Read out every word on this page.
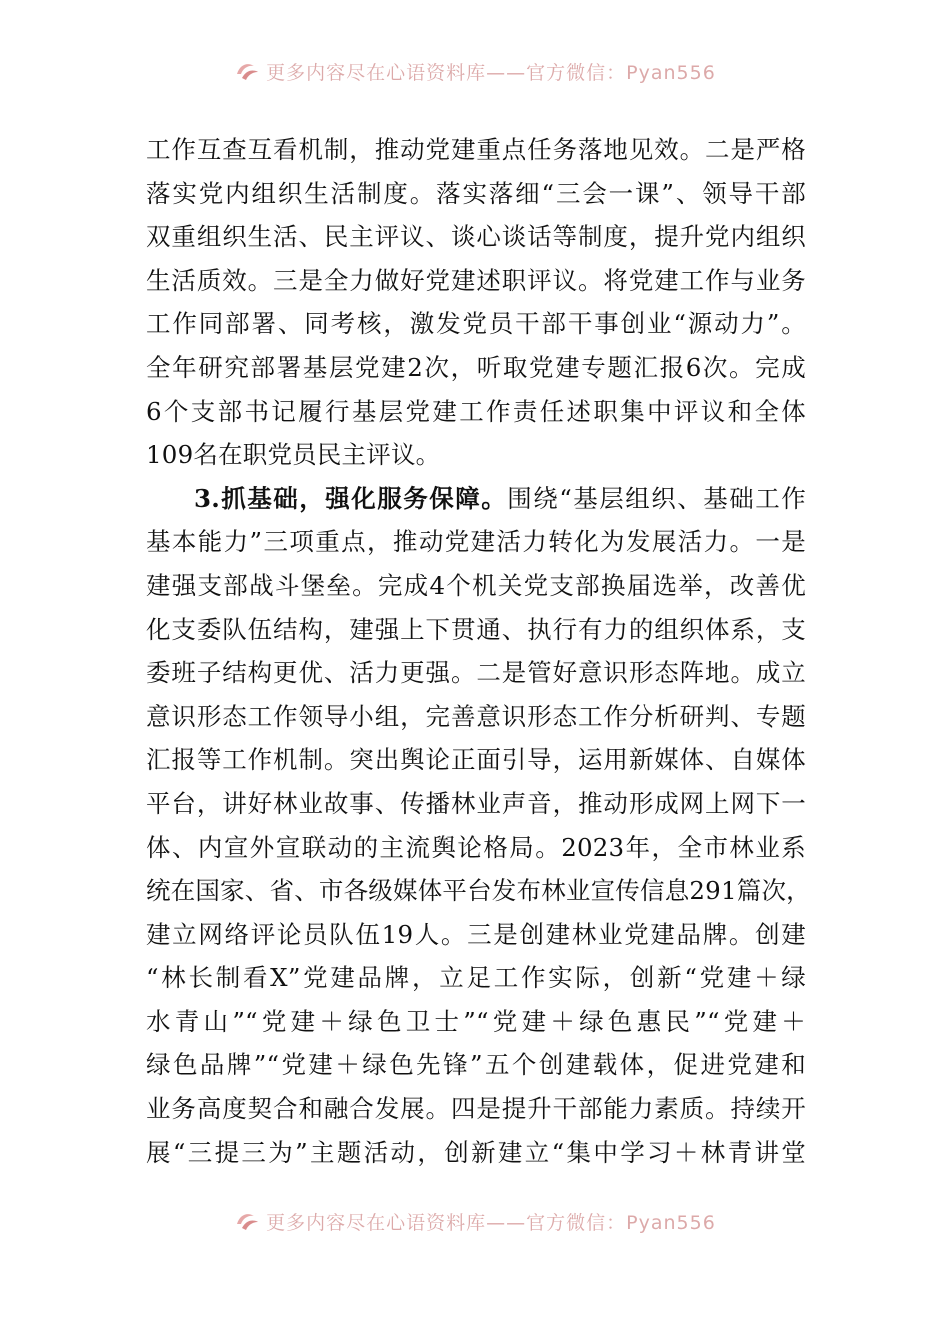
更多内容尽在心语资料库——官方微信：Pyan556
工作互查互看机制，推动党建重点任务落地见效。二是严格
落实党内组织生活制度。落实落细“三会一课”、领导干部
双重组织生活、民主评议、谈心谈话等制度，提升党内组织
生活质效。三是全力做好党建述职评议。将党建工作与业务
工作同部署、同考核，激发党员干部干事创业“源动力”。
全年研究部署基层党建2次，听取党建专题汇报6次。完成
6个支部书记履行基层党建工作责任述职集中评议和全体
109名在职党员民主评议。
3.抓基础，强化服务保障。围绕“基层组织、基础工作
基本能力”三项重点，推动党建活力转化为发展活力。一是
建强支部战斗堡垒。完成4个机关党支部换届选举，改善优
化支委队伍结构，建强上下贯通、执行有力的组织体系，支
委班子结构更优、活力更强。二是管好意识形态阵地。成立
意识形态工作领导小组，完善意识形态工作分析研判、专题
汇报等工作机制。突出舆论正面引导，运用新媒体、自媒体
平台，讲好林业故事、传播林业声音，推动形成网上网下一
体、内宣外宣联动的主流舆论格局。2023年，全市林业系
统在国家、省、市各级媒体平台发布林业宣传信息291篇次，
建立网络评论员队伍19人。三是创建林业党建品牌。创建
“林长制看X”党建品牌，立足工作实际，创新“党建＋绿
水青山”“党建＋绿色卫士”“党建＋绿色惠民”“党建＋
绿色品牌”“党建＋绿色先锋”五个创建载体，促进党建和
业务高度契合和融合发展。四是提升干部能力素质。持续开
展“三提三为”主题活动，创新建立“集中学习＋林青讲堂
更多内容尽在心语资料库——官方微信：Pyan556
